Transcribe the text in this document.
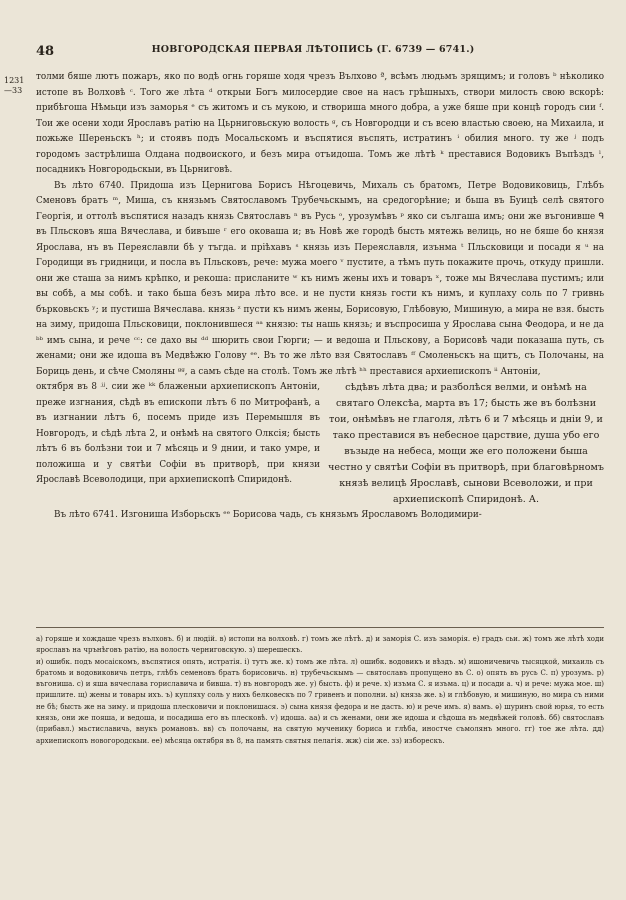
48	НОВГОРОДСКАЯ ПЕРВАЯ ЛѢТОПИСЬ (Г. 6739 — 6741.)
1231
—33

толми бяше лютъ пожаръ, яко по водѣ огнь горяше ходя чрезъ Вълхово ª, всѣмъ людьмъ зрящимъ; и головъ ᵇ нѣколико истопе въ Волховѣ ᶜ. Того же лѣта ᵈ открыи Богъ милосердие свое на насъ грѣшныхъ, створи милость свою вскорѣ: прибѣгоша Нѣмьци изъ заморья ᵉ съ житомъ и съ мукою, и створиша много добра, а уже бяше при концѣ городъ сии ᶠ. Тои же осени ходи Ярославъ ратію на Цьрниговьскую волость ᵍ, съ Новгородци и съ всею властью своею, на Михаила, и пожьже Шереньскъ ʰ; и стоявъ подъ Мосальскомъ и въспятися въспять, истратинъ ⁱ обилия много. ту же ʲ подъ городомъ застрѣлиша Олдана подвоиского, и безъ мира отъидоша. Томъ же лѣтѣ ᵏ преставися Водовикъ Въпѣздъ ˡ, посадникъ Новгородьскыи, въ Цьрниговѣ.

Въ лѣто 6740. Придоша изъ Цернигова Борисъ Нѣгоцевичь, Михаль съ братомъ, Петре Водовиковиць, Глѣбъ Сменовъ братъ ᵐ, Мишa, съ князьмъ Святославомъ Трубечьскымъ, на средогорѣние; и бьша въ Буицѣ селѣ святого Георгія, и оттолѣ въспятися назадъ князь Святославъ ⁿ въ Русь ᵒ, урозумѣвъ ᵖ яко си сългаша имъ; они же въгонивше ᑫ въ Пльсковъ яша Вячеслава, и бивъше ʳ его оковаша и; въ Новѣ же городѣ бысть мятежь велиць, но не бяше бо князя Ярослава, нъ въ Переяславли бѣ у тъгда. и прiѣхавъ ˢ князь изъ Переяславля, изънма ᵗ Пльсковици и посади я ᵘ на Городищи въ гридници, и посла въ Пльсковъ, рече: мужа моего ᵛ пустите, а тѣмъ путь покажите прочь, откуду пришли. они же сташа за нимъ крѣпко, и рекоша: присланите ʷ къ нимъ жены ихъ и товаръ ˣ, тоже мы Вячеслава пустимъ; или вы собѣ, а мы собѣ. и тако бьша безъ мира лѣто все. и не пусти князь гости къ нимъ, и куплаху соль по 7 гривнь бърковьскъ ʸ; и пустиша Вячеслава. князь ᶻ пусти къ нимъ жены, Борисовую, Глѣбовую, Мишиную, а мира не взя. бысть на зиму, придоша Пльсковици, поклонившеся ᵃᵃ князю: ты нашь князь; и въспросиша у Ярослава сына Феодора, и не да ᵇᵇ имъ сына, и рече ᶜᶜ: се дахо вы ᵈᵈ шюрить свои Гюрги; — и ведоша и Пльскову, а Борисовѣ чади показаша путь, съ женами; они же идоша въ Медвѣжю Голову ᵉᵉ. Въ то же лѣто взя Святославъ ᶠᶠ Смоленьскъ на щитъ, съ Полочаны, на Бориць день, и сѣче Смоляны ᵍᵍ, а самъ сѣде на столѣ. Томъ же лѣтѣ ʰʰ преставися архиепископъ ⁱⁱ Антоніи,

октября въ 8 ʲʲ. сии же ᵏᵏ блаженыи архиепископъ Антоніи, преже изгнания, сѣдѣ въ епископи лѣтъ 6 по Митрофанѣ, а въ изгнании лѣтъ 6, посемъ приде изъ Перемышля въ Новгородъ, и сѣдѣ лѣта 2, и онѣмѣ на святого Олксія; бысть лѣтъ 6 въ болѣзни тои и 7 мѣсяць и 9 днии, и тако умре, и положиша и у святѣи Софіи въ притворѣ, при князи Ярославѣ Всеволодици, при архиепископѣ Спиридонѣ.

сѣдѣвъ лѣта два; и разболѣся велми, и онѣмѣ на святаго Олексѣа, марта въ 17; бысть же въ болѣзни тои, онѣмѣвъ не глаголя, лѣтъ 6 и 7 мѣсяць и днiи 9, и тако преставися въ небесное царствие, душа убо его възыде на небеса, мощи же его положени быша честно у святѣи Софіи въ притворѣ, при благовѣрномъ князѣ велицѣ Ярославѣ, сынови Всеволожи, и при архиепископѣ Спиридонѣ. А.

Въ лѣто 6741. Изгониша Изборьскъ ᵉᵉ Борисова чадь, съ князьмъ Ярославомъ Володимири-

а) горяше и хождаше чрезъ вълховъ. б) и людій. в) истопи на волховѣ. г) томъ же лѣтѣ. д) и заморія С. изъ заморія. е) градъ сьи. ж) томъ же лѣтѣ ходи ярославъ на чрънѣговъ ратію, на волость черниговскую. з) шерешескъ.

и) ошибк. подъ мосаіскомъ, въспятися опять, истратія. і) тутъ же. к) томъ же лѣта. л) ошибк. водовикъ и вѣздъ. м) ишоничевичь тысяцкой, михаиль съ братомь и водовиковичь петръ, глѣбъ семеновъ братъ борисовичь. н) трубечьскымъ — святославъ пропущено въ С. о) опять въ русь С. п) урозумъ. р) въгониша. с) и яша вячеслава гориславича и бивша. т) въ новгородъ же. у) бысть. ф) и рече. х) изъма С. я изъма. ц) и посади а. ч) и рече: мужа мое. ш) пришлите. щ) жены и товары ихъ. ъ) купляху соль у нихъ белковескъ по 7 гривенъ и пополни. ы) князь же. ь) и глѣбовую, и мишиную, но мира съ ними не бѣ; бысть же на зиму. и придоша плесковичи и поклонишася. э) сына князя федора и не дасть. ю) и рече имъ. я) вамъ. ѳ) шуринъ свой юрья, то есть князь, они же пояша, и ведоша, и посадиша его въ плесковѣ. ѵ) идоша. аа) и съ женами, они же идоша и сѣдоша въ медвѣжей головѣ. бб) святославъ (прибавл.) мьстиславичь, внукъ романовъ. вв) съ полочаны, на святую мученику бориса и глѣба, иностче съмолянъ много. гг) тое же лѣта. дд) архиепископъ новогородскыи. ее) мѣсяца октября въ 8, на память святыя пелагія. жж) сіи же. зз) изборескъ.
